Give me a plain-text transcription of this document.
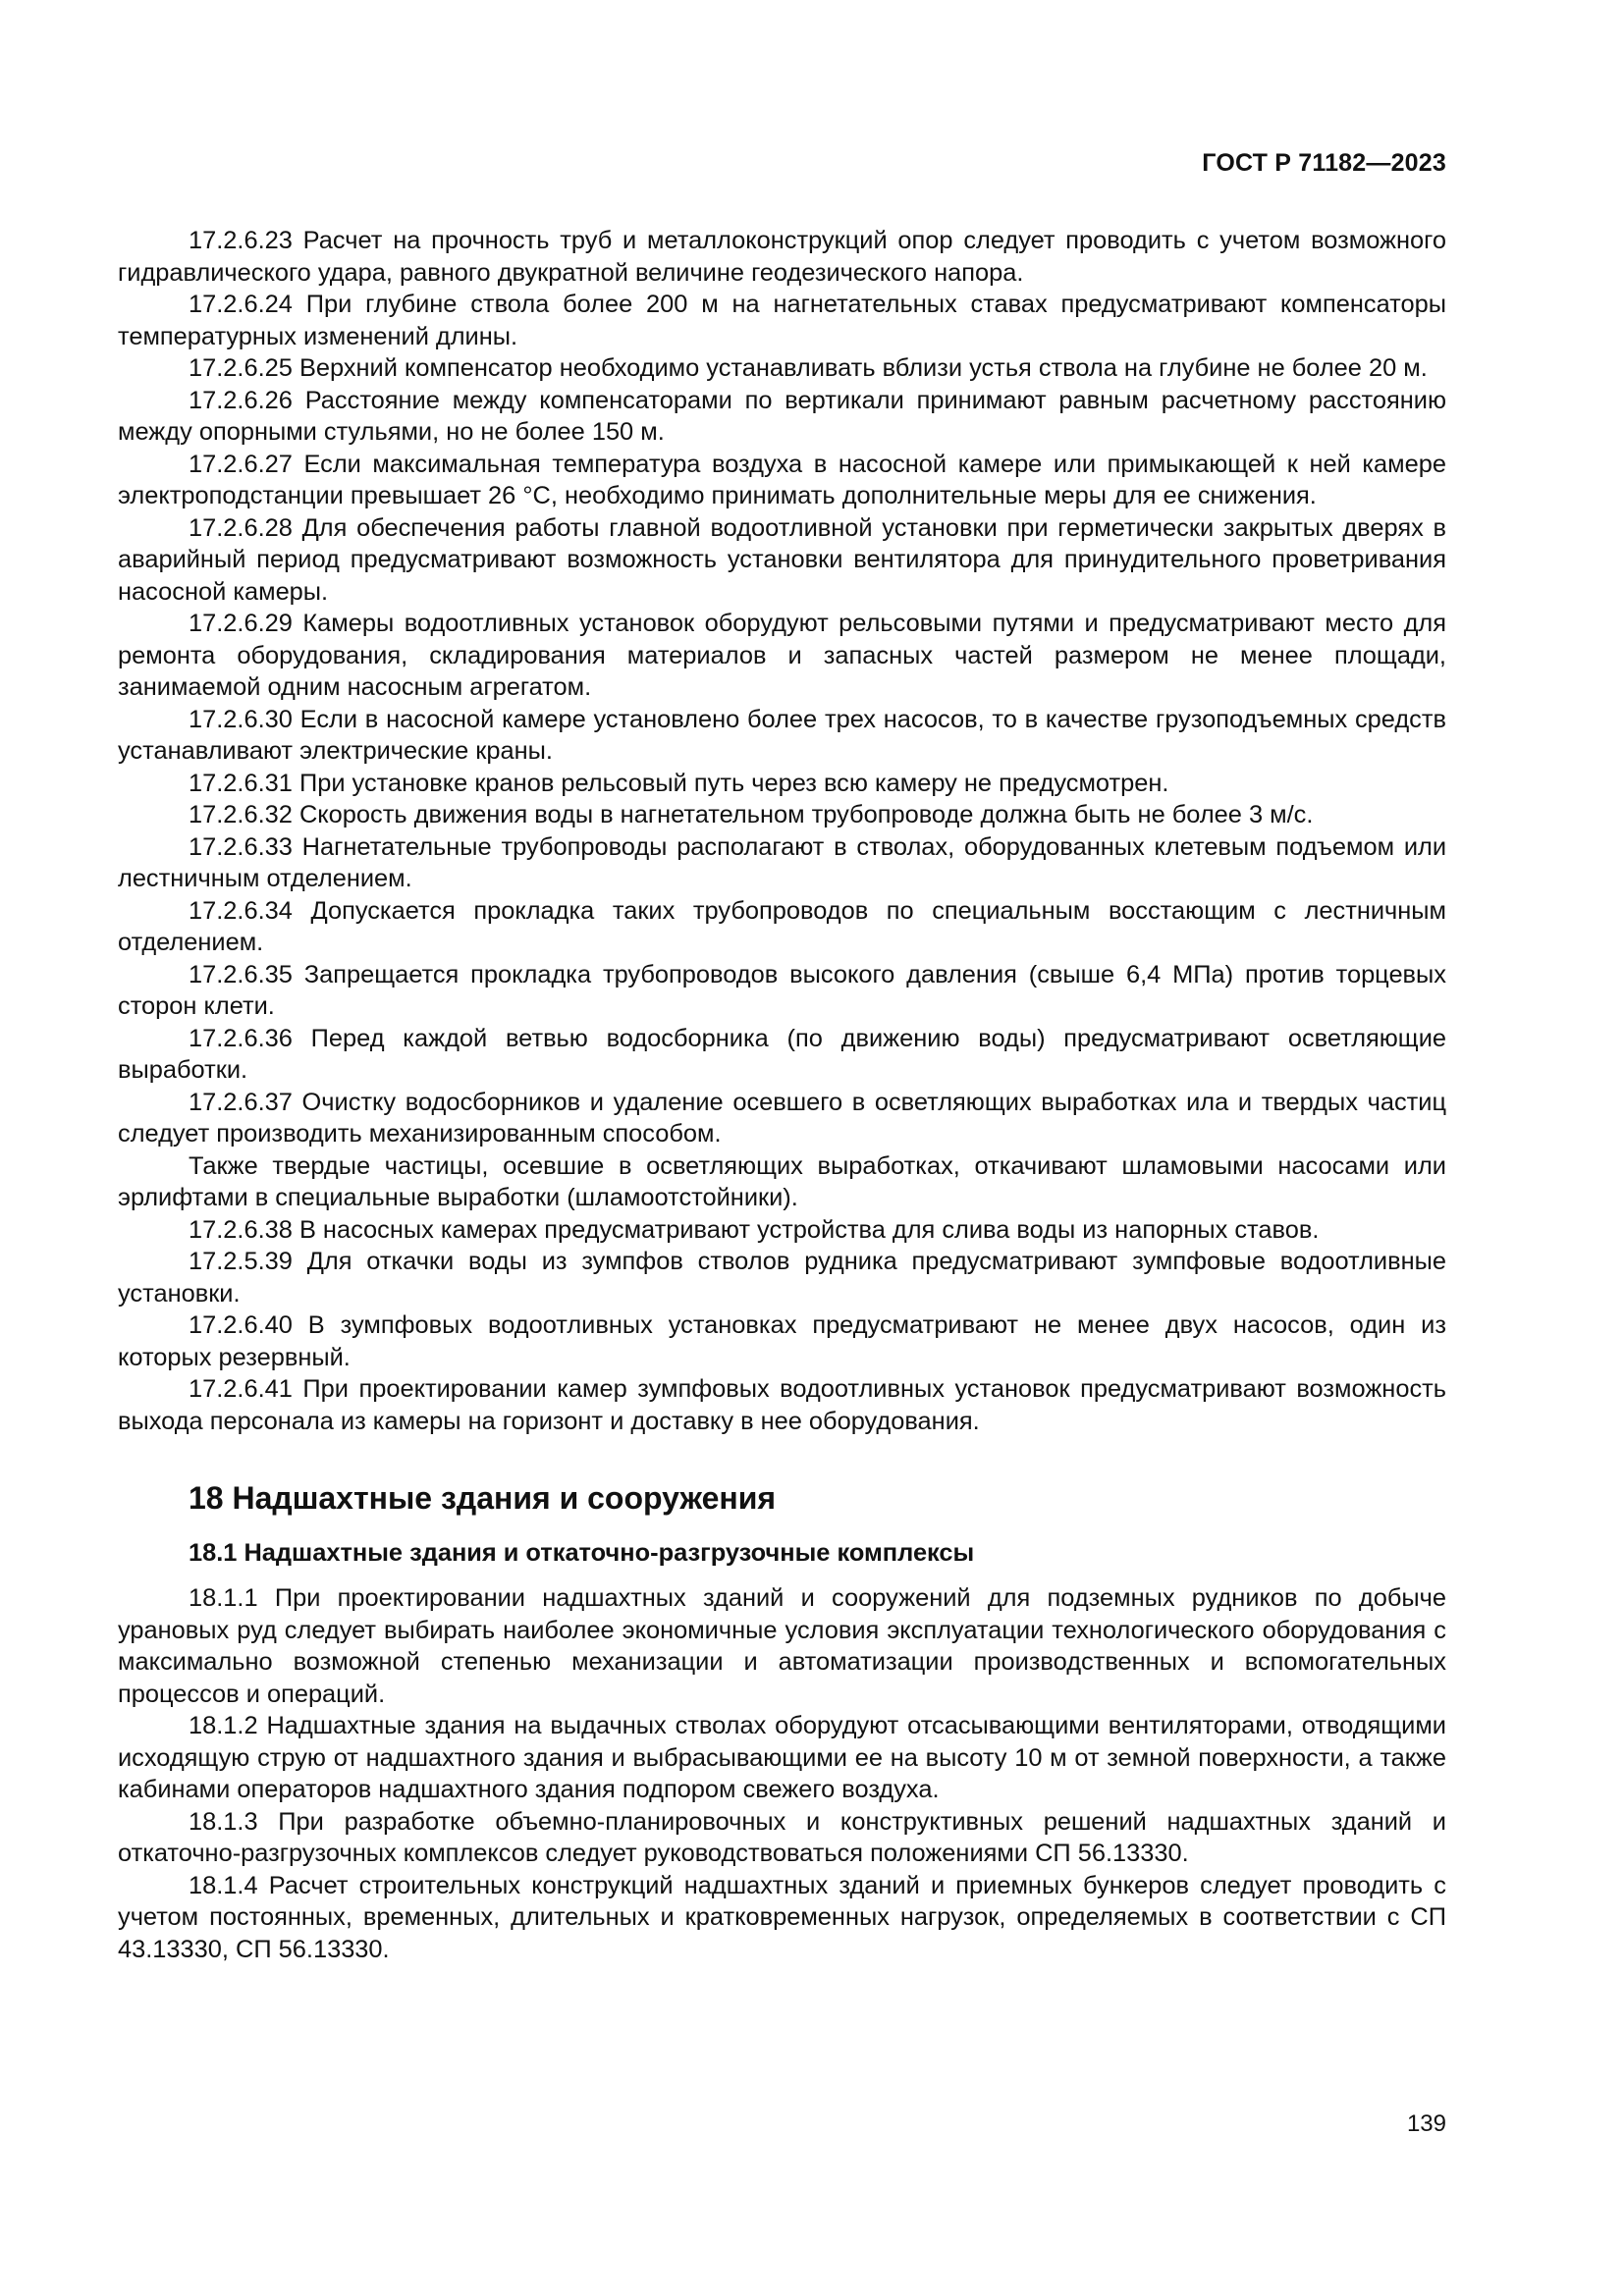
ГОСТ Р 71182—2023

17.2.6.23 Расчет на прочность труб и металлоконструкций опор следует проводить с учетом возможного гидравлического удара, равного двукратной величине геодезического напора.

17.2.6.24 При глубине ствола более 200 м на нагнетательных ставах предусматривают компенсаторы температурных изменений длины.

17.2.6.25 Верхний компенсатор необходимо устанавливать вблизи устья ствола на глубине не более 20 м.

17.2.6.26 Расстояние между компенсаторами по вертикали принимают равным расчетному расстоянию между опорными стульями, но не более 150 м.

17.2.6.27 Если максимальная температура воздуха в насосной камере или примыкающей к ней камере электроподстанции превышает 26 °С, необходимо принимать дополнительные меры для ее снижения.

17.2.6.28 Для обеспечения работы главной водоотливной установки при герметически закрытых дверях в аварийный период предусматривают возможность установки вентилятора для принудительного проветривания насосной камеры.

17.2.6.29 Камеры водоотливных установок оборудуют рельсовыми путями и предусматривают место для ремонта оборудования, складирования материалов и запасных частей размером не менее площади, занимаемой одним насосным агрегатом.

17.2.6.30 Если в насосной камере установлено более трех насосов, то в качестве грузоподъемных средств устанавливают электрические краны.

17.2.6.31 При установке кранов рельсовый путь через всю камеру не предусмотрен.

17.2.6.32 Скорость движения воды в нагнетательном трубопроводе должна быть не более 3 м/с.

17.2.6.33 Нагнетательные трубопроводы располагают в стволах, оборудованных клетевым подъемом или лестничным отделением.

17.2.6.34 Допускается прокладка таких трубопроводов по специальным восстающим с лестничным отделением.

17.2.6.35 Запрещается прокладка трубопроводов высокого давления (свыше 6,4 МПа) против торцевых сторон клети.

17.2.6.36 Перед каждой ветвью водосборника (по движению воды) предусматривают осветляющие выработки.

17.2.6.37 Очистку водосборников и удаление осевшего в осветляющих выработках ила и твердых частиц следует производить механизированным способом.

Также твердые частицы, осевшие в осветляющих выработках, откачивают шламовыми насосами или эрлифтами в специальные выработки (шламоотстойники).

17.2.6.38 В насосных камерах предусматривают устройства для слива воды из напорных ставов.

17.2.5.39 Для откачки воды из зумпфов стволов рудника предусматривают зумпфовые водоотливные установки.

17.2.6.40 В зумпфовых водоотливных установках предусматривают не менее двух насосов, один из которых резервный.

17.2.6.41 При проектировании камер зумпфовых водоотливных установок предусматривают возможность выхода персонала из камеры на горизонт и доставку в нее оборудования.

18 Надшахтные здания и сооружения
18.1 Надшахтные здания и откаточно-разгрузочные комплексы

18.1.1 При проектировании надшахтных зданий и сооружений для подземных рудников по добыче урановых руд следует выбирать наиболее экономичные условия эксплуатации технологического оборудования с максимально возможной степенью механизации и автоматизации производственных и вспомогательных процессов и операций.

18.1.2 Надшахтные здания на выдачных стволах оборудуют отсасывающими вентиляторами, отводящими исходящую струю от надшахтного здания и выбрасывающими ее на высоту 10 м от земной поверхности, а также кабинами операторов надшахтного здания подпором свежего воздуха.

18.1.3 При разработке объемно-планировочных и конструктивных решений надшахтных зданий и откаточно-разгрузочных комплексов следует руководствоваться положениями СП 56.13330.

18.1.4 Расчет строительных конструкций надшахтных зданий и приемных бункеров следует проводить с учетом постоянных, временных, длительных и кратковременных нагрузок, определяемых в соответствии с СП 43.13330, СП 56.13330.

139
